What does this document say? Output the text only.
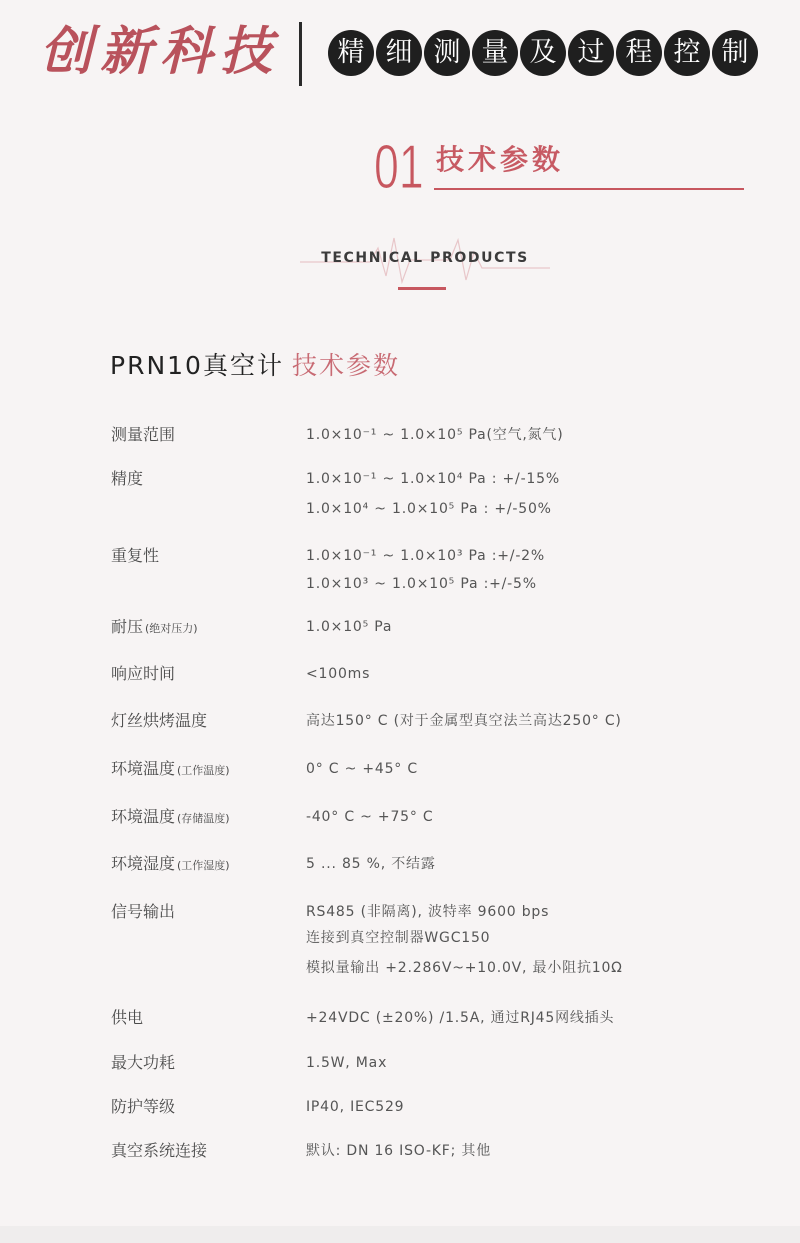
创新科技	精 细 测 量 及 过 程 控 制
01 技术参数
TECHNICAL PRODUCTS
PRN10真空计 技术参数
测量范围	1.0×10⁻¹ ~ 1.0×10⁵ Pa(空气,氮气)
精度	1.0×10⁻¹ ~ 1.0×10⁴ Pa : +/-15%
1.0×10⁴ ~ 1.0×10⁵ Pa : +/-50%
重复性	1.0×10⁻¹ ~ 1.0×10³ Pa :+/-2%
1.0×10³ ~ 1.0×10⁵ Pa :+/-5%
耐压 (绝对压力)	1.0×10⁵ Pa
响应时间	<100ms
灯丝烘烤温度	高达150° C (对于金属型真空法兰高达250° C)
环境温度 (工作温度)	0° C ~ +45° C
环境温度 (存储温度)	-40° C ~ +75° C
环境湿度 (工作湿度)	5 ... 85 %, 不结露
信号输出	RS485 (非隔离), 波特率 9600 bps
连接到真空控制器WGC150
模拟量输出 +2.286V~+10.0V, 最小阻抗10Ω
供电	+24VDC (±20%) /1.5A, 通过RJ45网线插头
最大功耗	1.5W, Max
防护等级	IP40, IEC529
真空系统连接	默认: DN 16 ISO-KF; 其他
